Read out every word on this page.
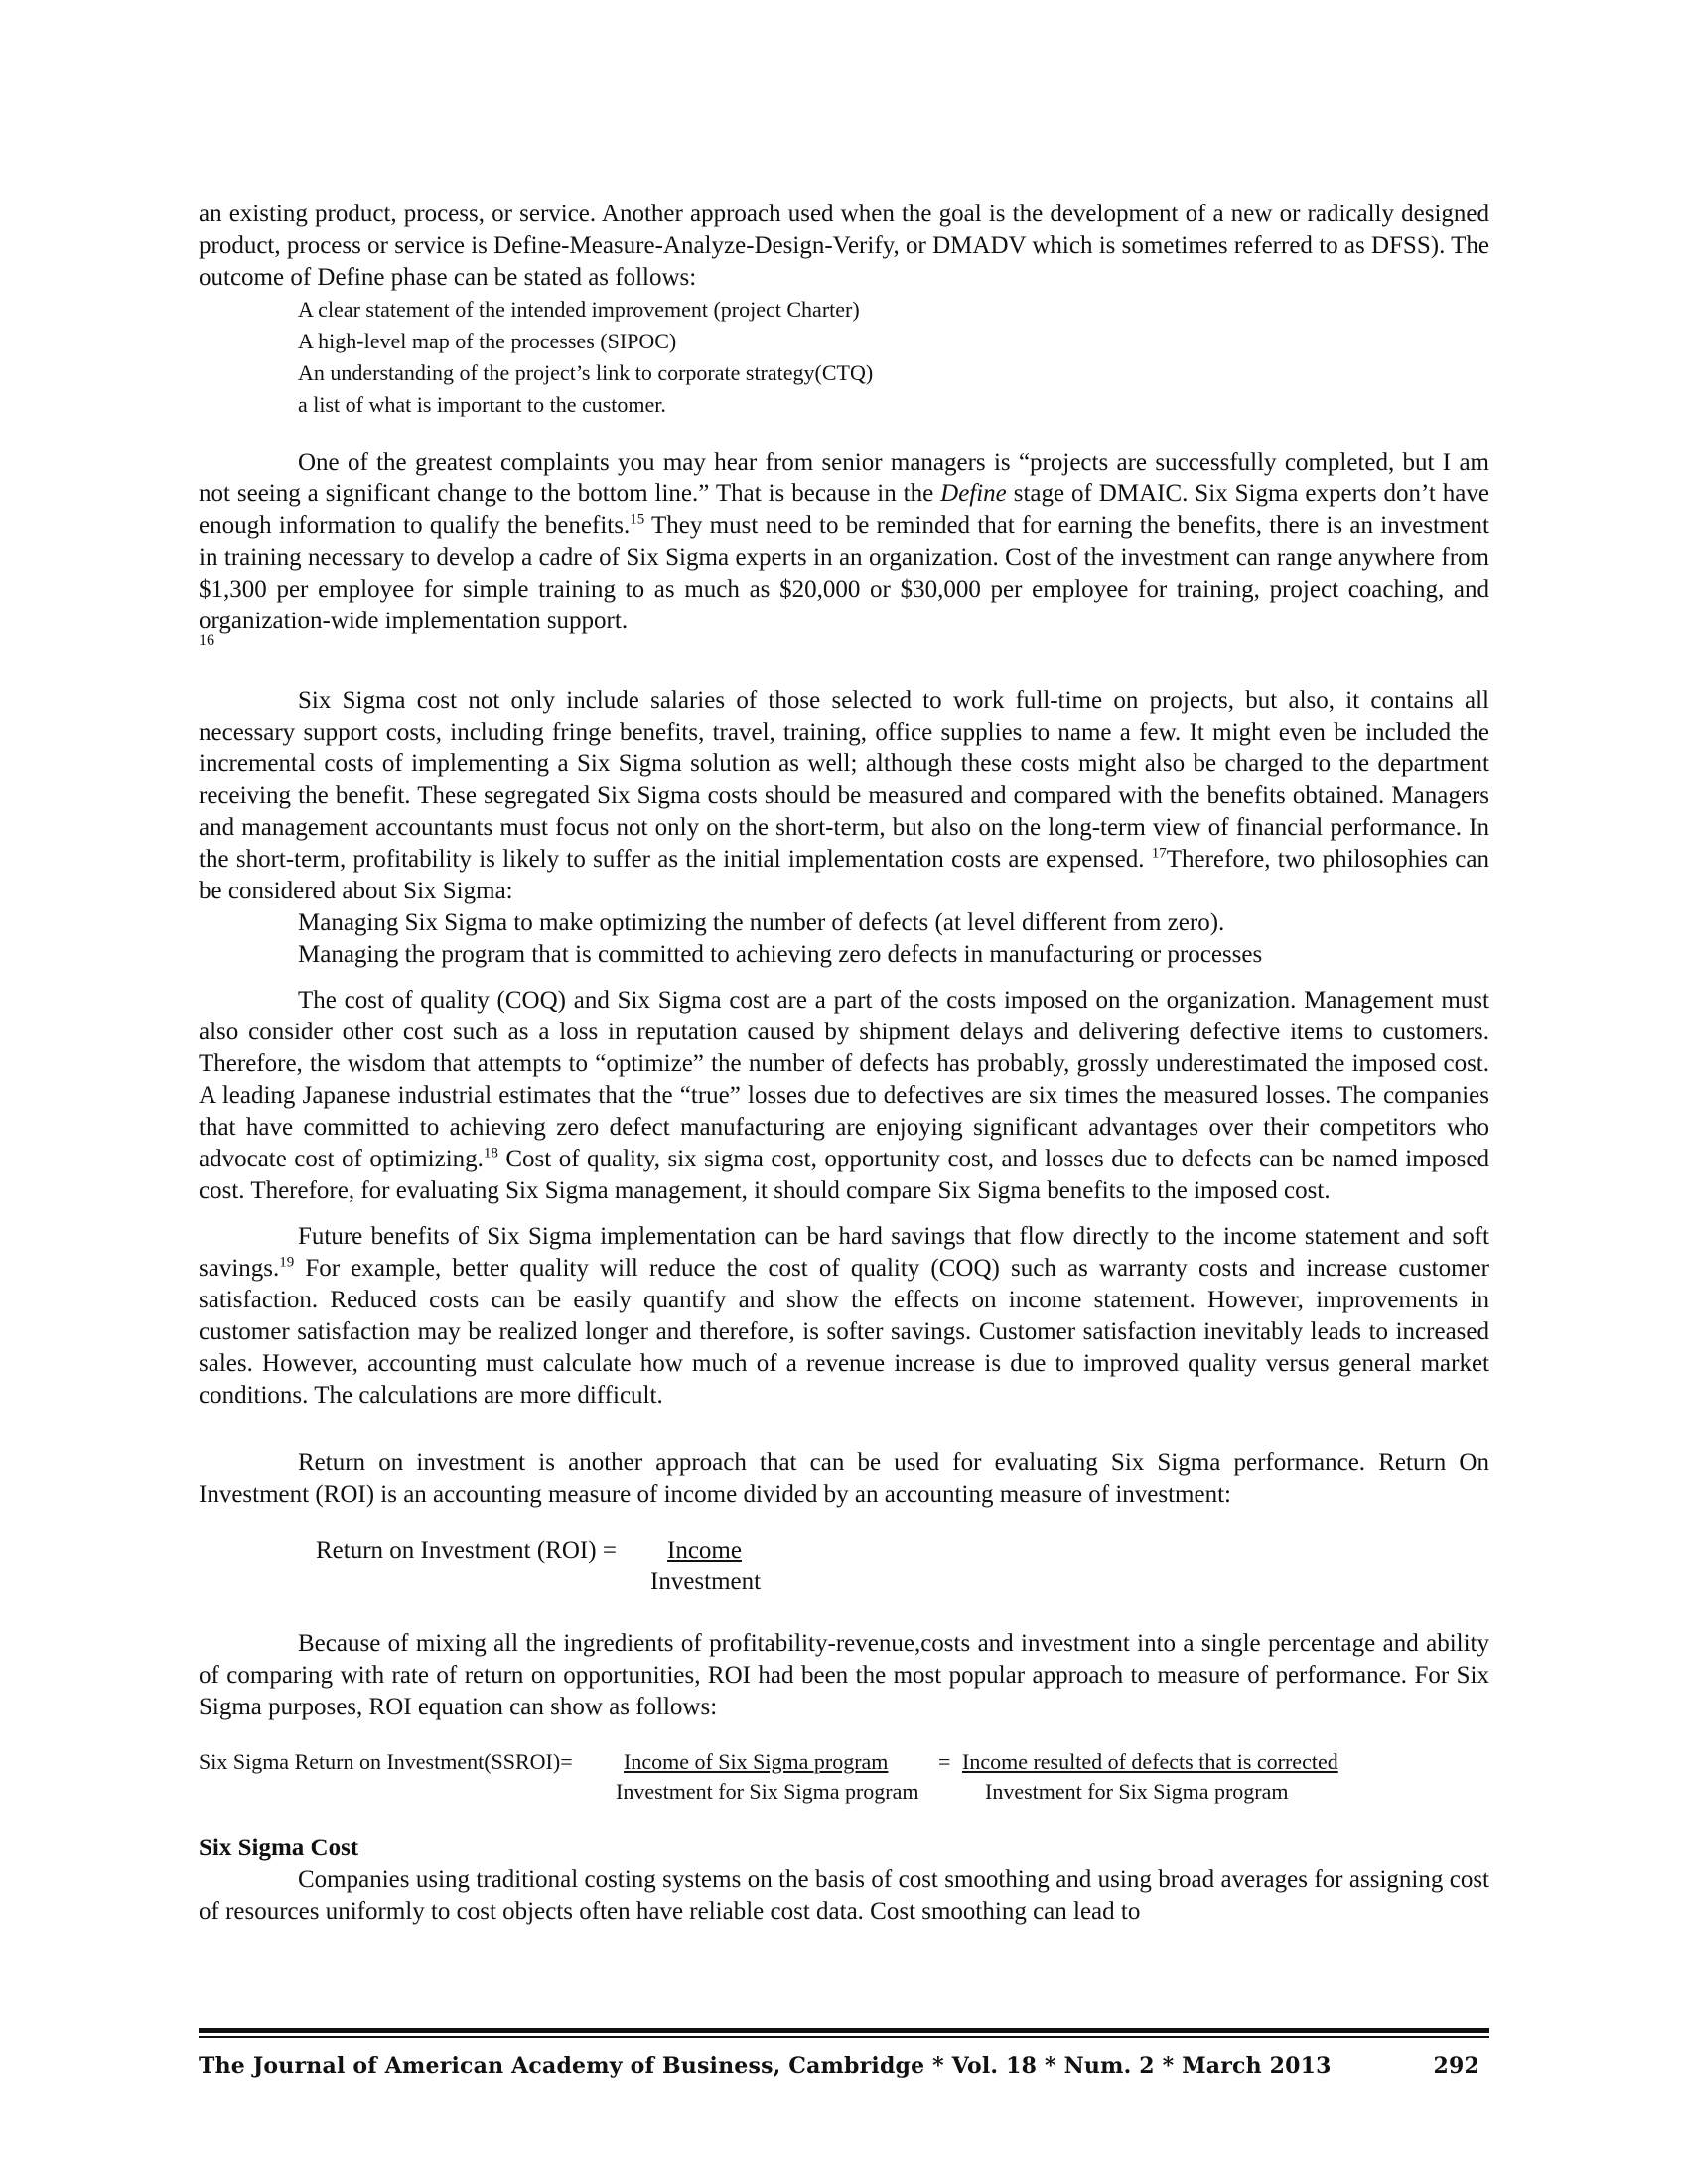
an existing product, process, or service. Another approach used when the goal is the development of a new or radically designed product, process or service is Define-Measure-Analyze-Design-Verify, or DMADV which is sometimes referred to as DFSS). The outcome of Define phase can be stated as follows:

A clear statement of the intended improvement (project Charter)
A high-level map of the processes (SIPOC)
An understanding of the project’s link to corporate strategy(CTQ)
a list of what is important to the customer.

One of the greatest complaints you may hear from senior managers is “projects are successfully completed, but I am not seeing a significant change to the bottom line.” That is because in the Define stage of DMAIC. Six Sigma experts don’t have enough information to qualify the benefits.$^{15}$ They must need to be reminded that for earning the benefits, there is an investment in training necessary to develop a cadre of Six Sigma experts in an organization. Cost of the investment can range anywhere from $1,300 per employee for simple training to as much as $20,000 or $30,000 per employee for training, project coaching, and organization-wide implementation support.

16

Six Sigma cost not only include salaries of those selected to work full-time on projects, but also, it contains all necessary support costs, including fringe benefits, travel, training, office supplies to name a few. It might even be included the incremental costs of implementing a Six Sigma solution as well; although these costs might also be charged to the department receiving the benefit. These segregated Six Sigma costs should be measured and compared with the benefits obtained. Managers and management accountants must focus not only on the short-term, but also on the long-term view of financial performance. In the short-term, profitability is likely to suffer as the initial implementation costs are expensed. $^{17}$Therefore, two philosophies can be considered about Six Sigma:

Managing Six Sigma to make optimizing the number of defects (at level different from zero).
Managing the program that is committed to achieving zero defects in manufacturing or processes

The cost of quality (COQ) and Six Sigma cost are a part of the costs imposed on the organization. Management must also consider other cost such as a loss in reputation caused by shipment delays and delivering defective items to customers. Therefore, the wisdom that attempts to “optimize” the number of defects has probably, grossly underestimated the imposed cost. A leading Japanese industrial estimates that the “true” losses due to defectives are six times the measured losses. The companies that have committed to achieving zero defect manufacturing are enjoying significant advantages over their competitors who advocate cost of optimizing.$^{18}$ Cost of quality, six sigma cost, opportunity cost, and losses due to defects can be named imposed cost. Therefore, for evaluating Six Sigma management, it should compare Six Sigma benefits to the imposed cost.

Future benefits of Six Sigma implementation can be hard savings that flow directly to the income statement and soft savings.$^{19}$ For example, better quality will reduce the cost of quality (COQ) such as warranty costs and increase customer satisfaction. Reduced costs can be easily quantify and show the effects on income statement. However, improvements in customer satisfaction may be realized longer and therefore, is softer savings. Customer satisfaction inevitably leads to increased sales. However, accounting must calculate how much of a revenue increase is due to improved quality versus general market conditions. The calculations are more difficult.

Return on investment is another approach that can be used for evaluating Six Sigma performance. Return On Investment (ROI) is an accounting measure of income divided by an accounting measure of investment:

Return on Investment (ROI) = Income
Investment

Because of mixing all the ingredients of profitability-revenue,costs and investment into a single percentage and ability of comparing with rate of return on opportunities, ROI had been the most popular approach to measure of performance. For Six Sigma purposes, ROI equation can show as follows:

Six Sigma Return on Investment(SSROI)= Income of Six Sigma program = Income resulted of defects that is corrected
Investment for Six Sigma program	Investment for Six Sigma program
Six Sigma Cost

Companies using traditional costing systems on the basis of cost smoothing and using broad averages for assigning cost of resources uniformly to cost objects often have reliable cost data. Cost smoothing can lead to

The Journal of American Academy of Business, Cambridge * Vol. 18 * Num. 2 * March 2013	292
